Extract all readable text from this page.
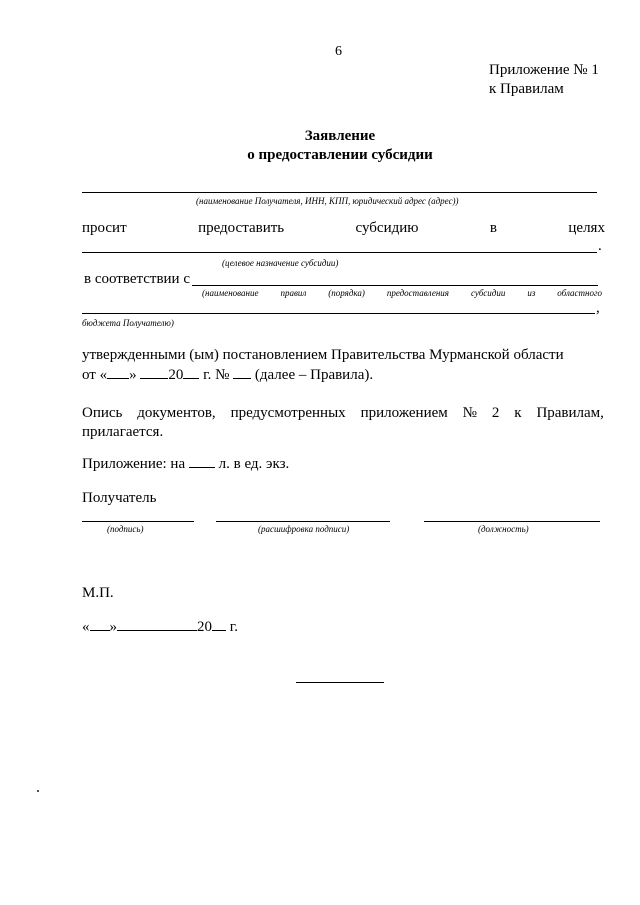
6
Приложение № 1
к Правилам
Заявление
о предоставлении субсидии
(наименование Получателя, ИНН, КПП, юридический адрес (адрес))
просит	предоставить	субсидию	в	целях
.
(целевое назначение субсидии)
в соответствии с
(наименование правил (порядка) предоставления субсидии из областного
,
бюджета Получателю)
утвержденными (ым) постановлением Правительства Мурманской области
от « » 20 г. №  (далее – Правила).
Опись документов, предусмотренных приложением № 2 к Правилам,
прилагается.
Приложение: на  л. в ед. экз.
Получатель
(подпись)	(расшифровка подписи)	(должность)
М.П.
« »	20 г.
